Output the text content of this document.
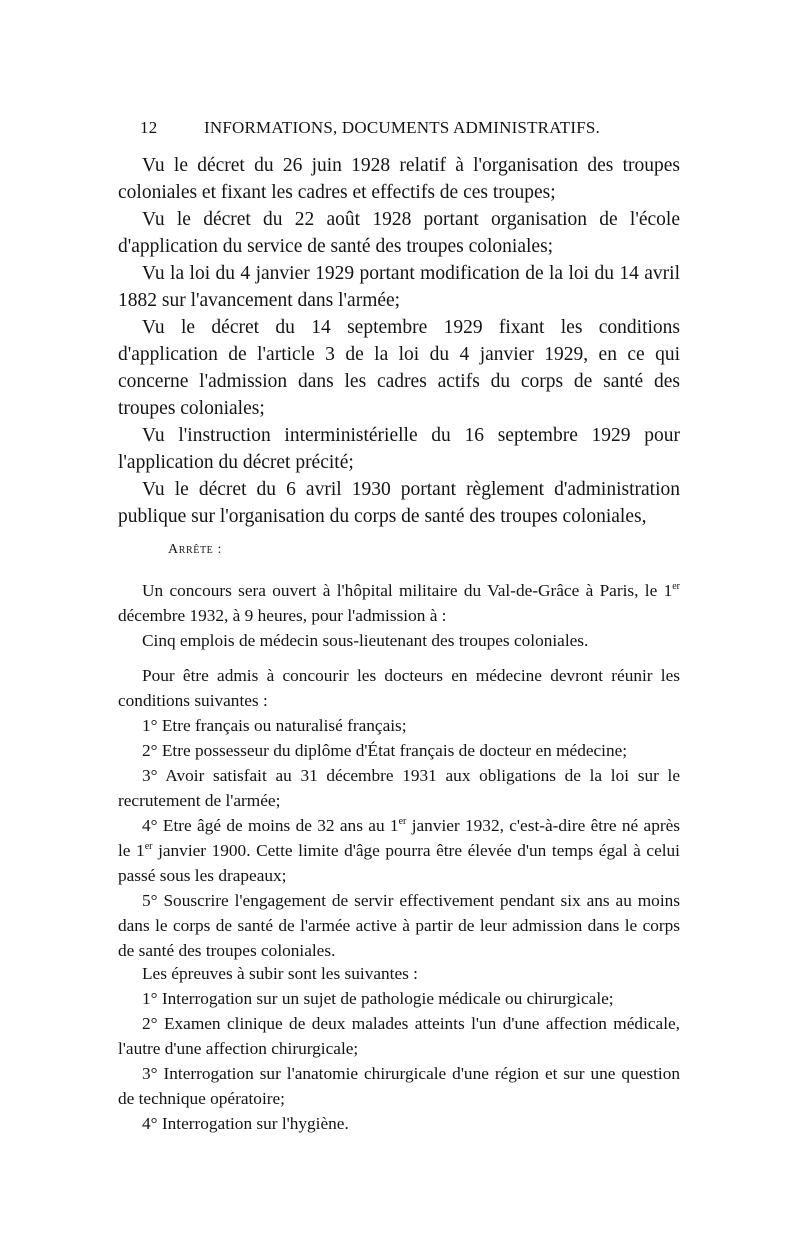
12	INFORMATIONS, DOCUMENTS ADMINISTRATIFS.

Vu le décret du 26 juin 1928 relatif à l'organisation des troupes coloniales et fixant les cadres et effectifs de ces troupes;

Vu le décret du 22 août 1928 portant organisation de l'école d'application du service de santé des troupes coloniales;

Vu la loi du 4 janvier 1929 portant modification de la loi du 14 avril 1882 sur l'avancement dans l'armée;

Vu le décret du 14 septembre 1929 fixant les conditions d'application de l'article 3 de la loi du 4 janvier 1929, en ce qui concerne l'admission dans les cadres actifs du corps de santé des troupes coloniales;

Vu l'instruction interministérielle du 16 septembre 1929 pour l'application du décret précité;

Vu le décret du 6 avril 1930 portant règlement d'administration publique sur l'organisation du corps de santé des troupes coloniales,

Arrête :

Un concours sera ouvert à l'hôpital militaire du Val-de-Grâce à Paris, le 1er décembre 1932, à 9 heures, pour l'admission à :

Cinq emplois de médecin sous-lieutenant des troupes coloniales.

Pour être admis à concourir les docteurs en médecine devront réunir les conditions suivantes :

1° Etre français ou naturalisé français;

2° Etre possesseur du diplôme d'État français de docteur en médecine;

3° Avoir satisfait au 31 décembre 1931 aux obligations de la loi sur le recrutement de l'armée;

4° Etre âgé de moins de 32 ans au 1er janvier 1932, c'est-à-dire être né après le 1er janvier 1900. Cette limite d'âge pourra être élevée d'un temps égal à celui passé sous les drapeaux;

5° Souscrire l'engagement de servir effectivement pendant six ans au moins dans le corps de santé de l'armée active à partir de leur admission dans le corps de santé des troupes coloniales.

Les épreuves à subir sont les suivantes :

1° Interrogation sur un sujet de pathologie médicale ou chirurgicale;

2° Examen clinique de deux malades atteints l'un d'une affection médicale, l'autre d'une affection chirurgicale;

3° Interrogation sur l'anatomie chirurgicale d'une région et sur une question de technique opératoire;

4° Interrogation sur l'hygiène.
